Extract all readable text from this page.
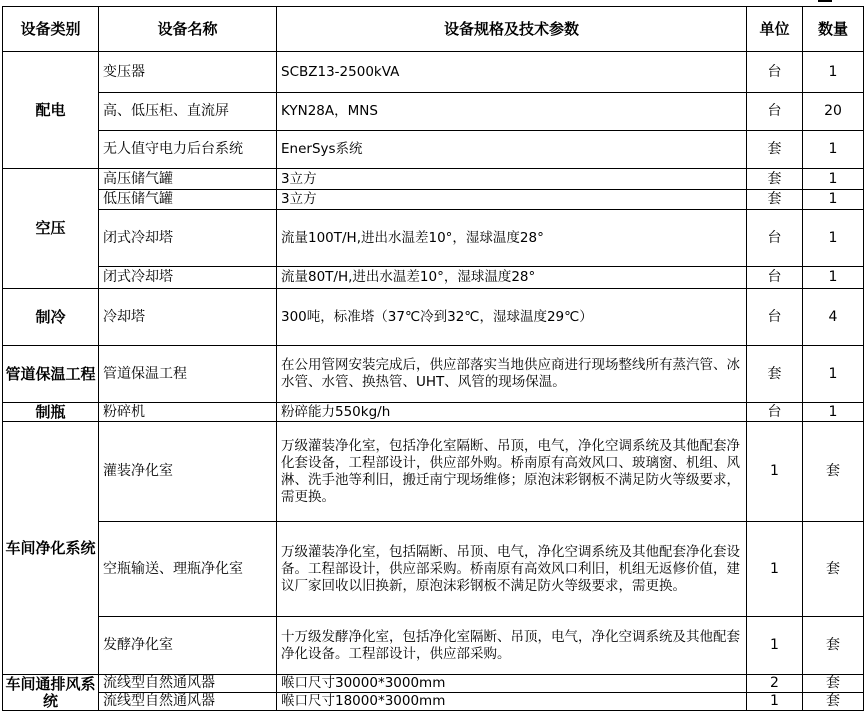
设备类别	设备名称	设备规格及技术参数	单位	数量
配电	变压器	SCBZ13-2500kVA	台	1
	高、低压柜、直流屏	KYN28A，MNS	台	20
	无人值守电力后台系统	EnerSys系统	套	1
空压	高压储气罐	3立方	套	1
	低压储气罐	3立方	套	1
	闭式冷却塔	流量100T/H,进出水温差10°，湿球温度28°	台	1
	闭式冷却塔	流量80T/H,进出水温差10°，湿球温度28°	台	1
制冷	冷却塔	300吨，标准塔（37℃冷到32℃，湿球温度29℃）	台	4
管道保温工程	管道保温工程	在公用管网安装完成后，供应部落实当地供应商进行现场整线所有蒸汽管、冰水管、水管、换热管、UHT、风管的现场保温。	套	1
制瓶	粉碎机	粉碎能力550kg/h	台	1
车间净化系统	灌装净化室	万级灌装净化室，包括净化室隔断、吊顶，电气，净化空调系统及其他配套净化套设备，工程部设计，供应部外购。桥南原有高效风口、玻璃窗、机组、风淋、洗手池等利旧，搬迁南宁现场维修；原泡沫彩钢板不满足防火等级要求，需更换。	1	套
	空瓶输送、理瓶净化室	万级灌装净化室，包括隔断、吊顶、电气，净化空调系统及其他配套净化套设备。工程部设计，供应部采购。桥南原有高效风口利旧，机组无返修价值，建议厂家回收以旧换新，原泡沫彩钢板不满足防火等级要求，需更换。	1	套
	发酵净化室	十万级发酵净化室，包括净化室隔断、吊顶，电气，净化空调系统及其他配套净化设备。工程部设计，供应部采购。	1	套
车间通排风系统	流线型自然通风器	喉口尺寸30000*3000mm	2	套
	流线型自然通风器	喉口尺寸18000*3000mm	1	套
